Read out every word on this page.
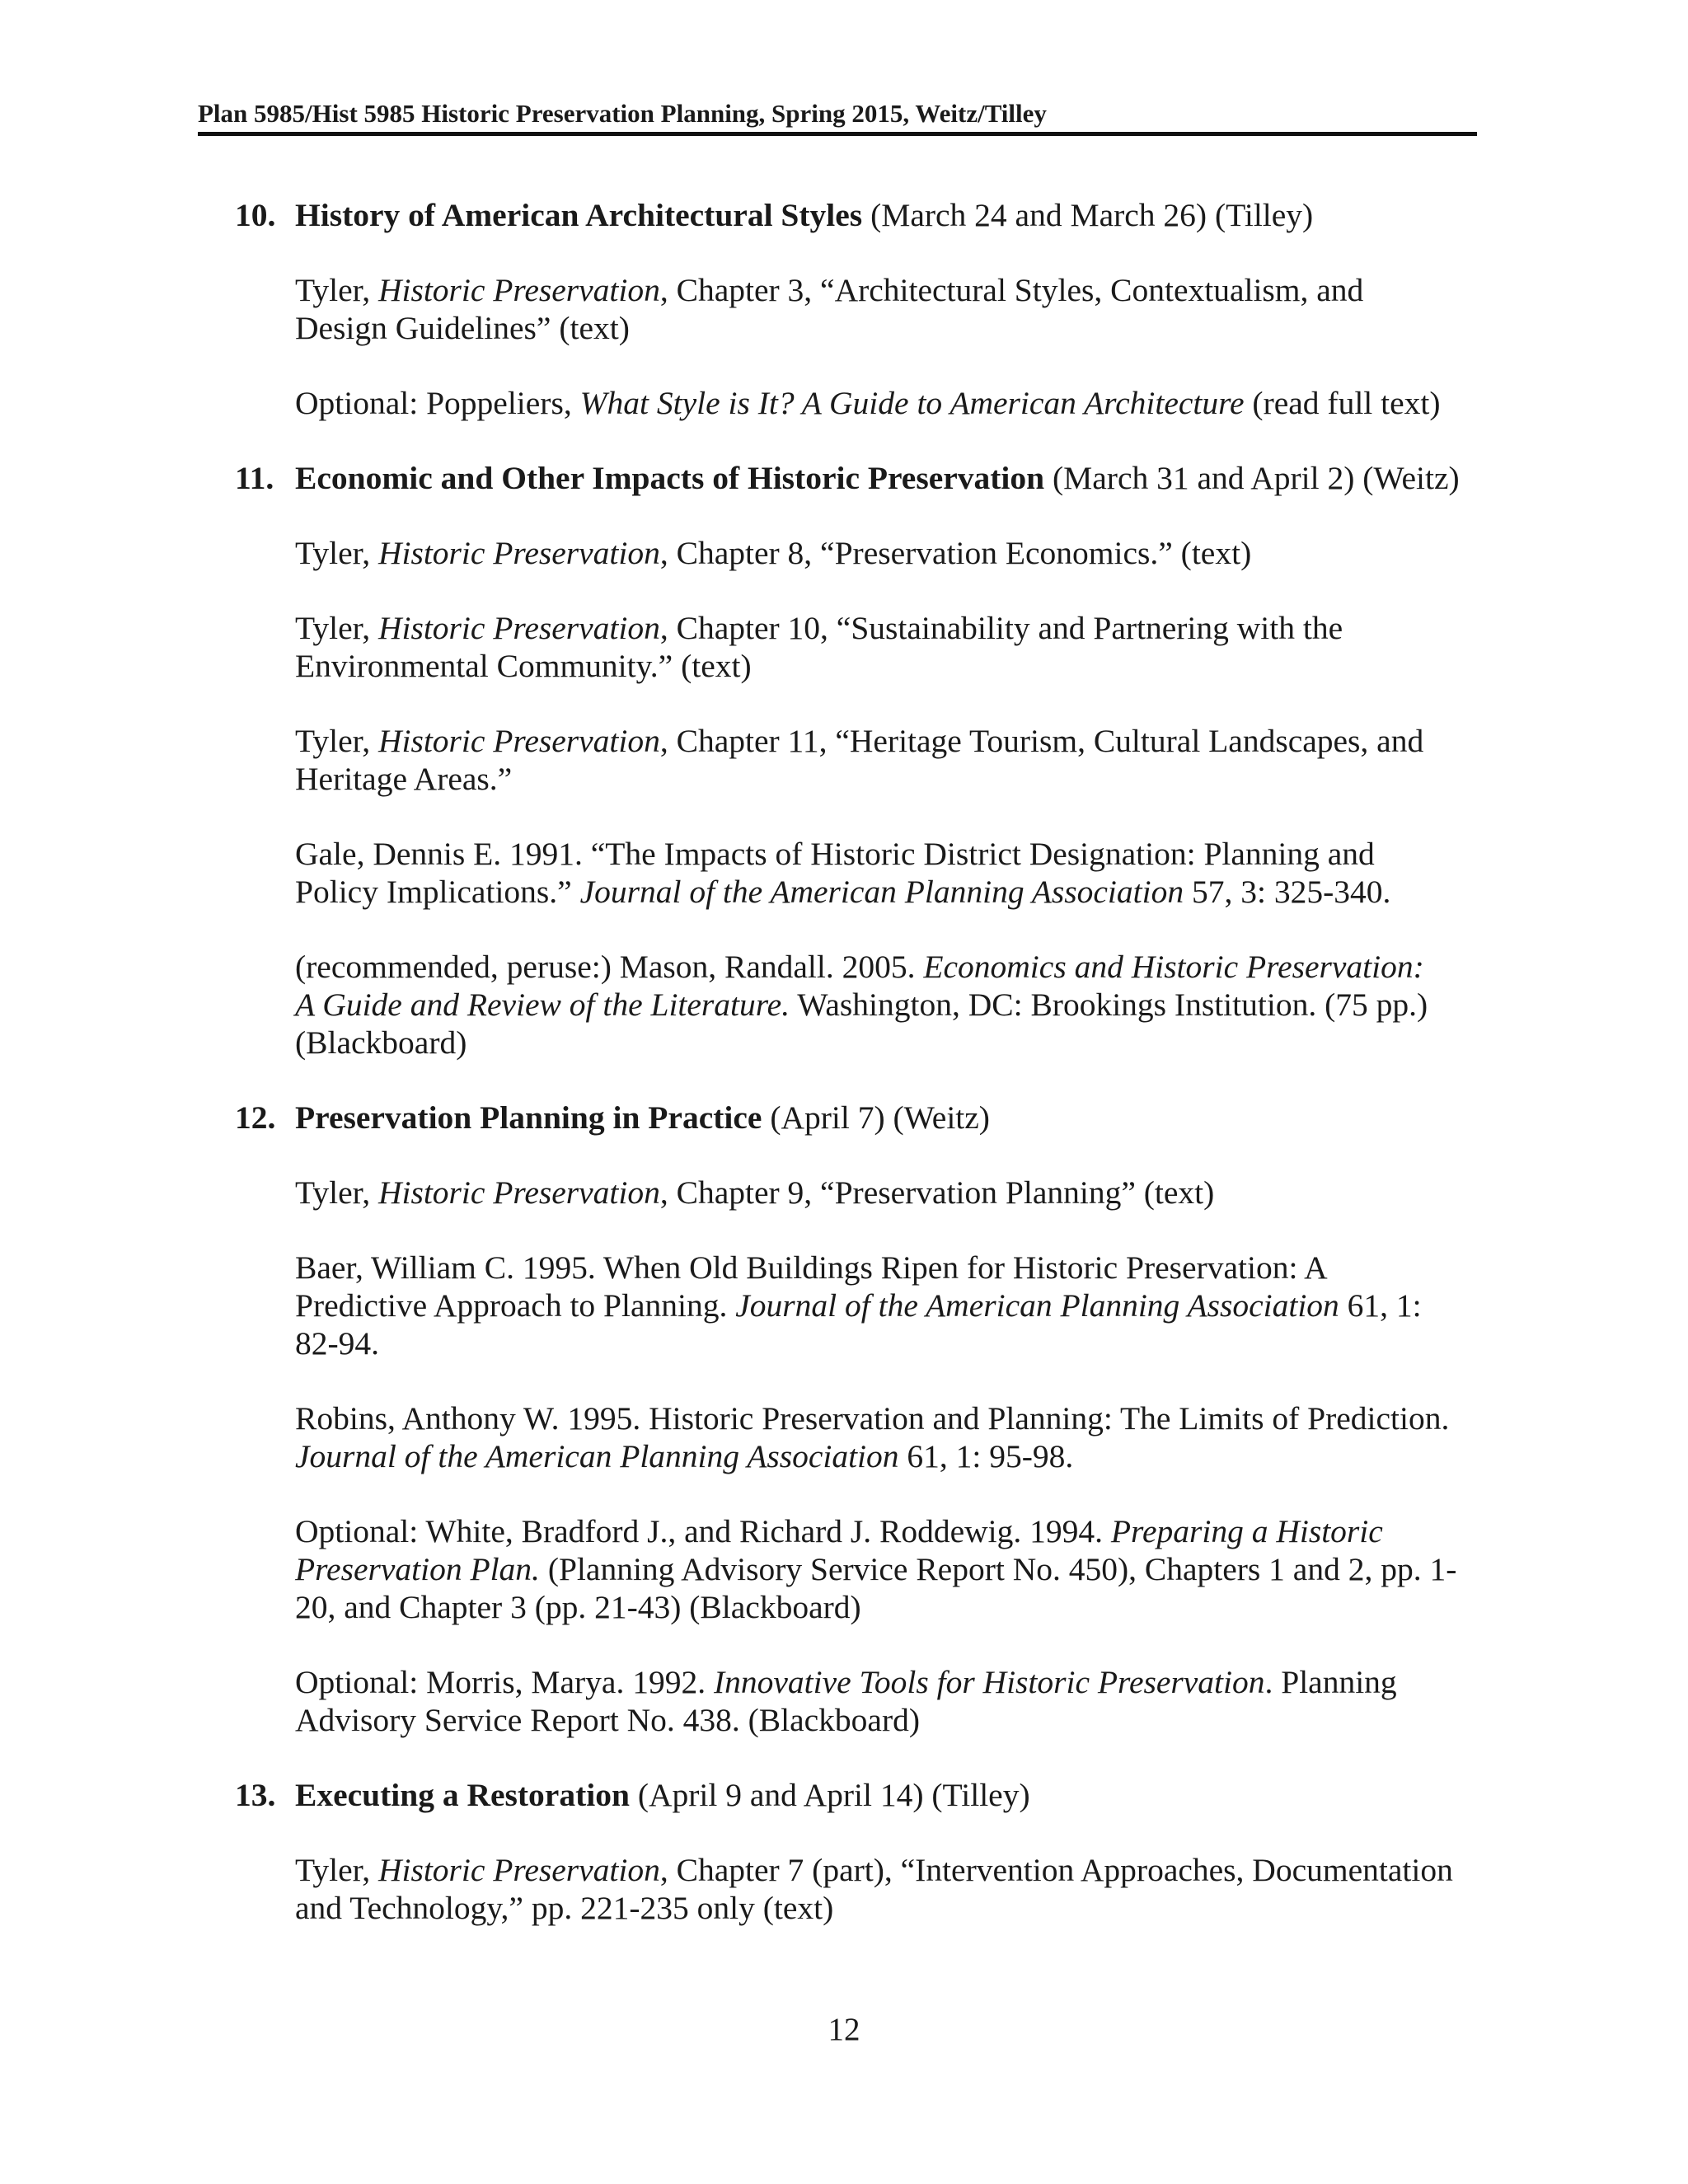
Plan 5985/Hist 5985 Historic Preservation Planning, Spring 2015, Weitz/Tilley
10. History of American Architectural Styles (March 24 and March 26) (Tilley)
Tyler, Historic Preservation, Chapter 3, “Architectural Styles, Contextualism, and
Design Guidelines” (text)
Optional: Poppeliers, What Style is It? A Guide to American Architecture (read full text)
11. Economic and Other Impacts of Historic Preservation (March 31 and April 2) (Weitz)
Tyler, Historic Preservation, Chapter 8, “Preservation Economics.” (text)
Tyler, Historic Preservation, Chapter 10, “Sustainability and Partnering with the
Environmental Community.” (text)
Tyler, Historic Preservation, Chapter 11, “Heritage Tourism, Cultural Landscapes, and
Heritage Areas.”
Gale, Dennis E. 1991. “The Impacts of Historic District Designation: Planning and
Policy Implications.” Journal of the American Planning Association 57, 3: 325-340.
(recommended, peruse:) Mason, Randall. 2005. Economics and Historic Preservation:
A Guide and Review of the Literature. Washington, DC: Brookings Institution. (75 pp.)
(Blackboard)
12. Preservation Planning in Practice (April 7) (Weitz)
Tyler, Historic Preservation, Chapter 9, “Preservation Planning” (text)
Baer, William C. 1995. When Old Buildings Ripen for Historic Preservation: A
Predictive Approach to Planning. Journal of the American Planning Association 61, 1:
82-94.
Robins, Anthony W. 1995. Historic Preservation and Planning: The Limits of Prediction.
Journal of the American Planning Association 61, 1: 95-98.
Optional: White, Bradford J., and Richard J. Roddewig. 1994. Preparing a Historic
Preservation Plan. (Planning Advisory Service Report No. 450), Chapters 1 and 2, pp. 1-
20, and Chapter 3 (pp. 21-43) (Blackboard)
Optional: Morris, Marya. 1992. Innovative Tools for Historic Preservation. Planning
Advisory Service Report No. 438. (Blackboard)
13. Executing a Restoration (April 9 and April 14) (Tilley)
Tyler, Historic Preservation, Chapter 7 (part), “Intervention Approaches, Documentation
and Technology,” pp. 221-235 only (text)
12
